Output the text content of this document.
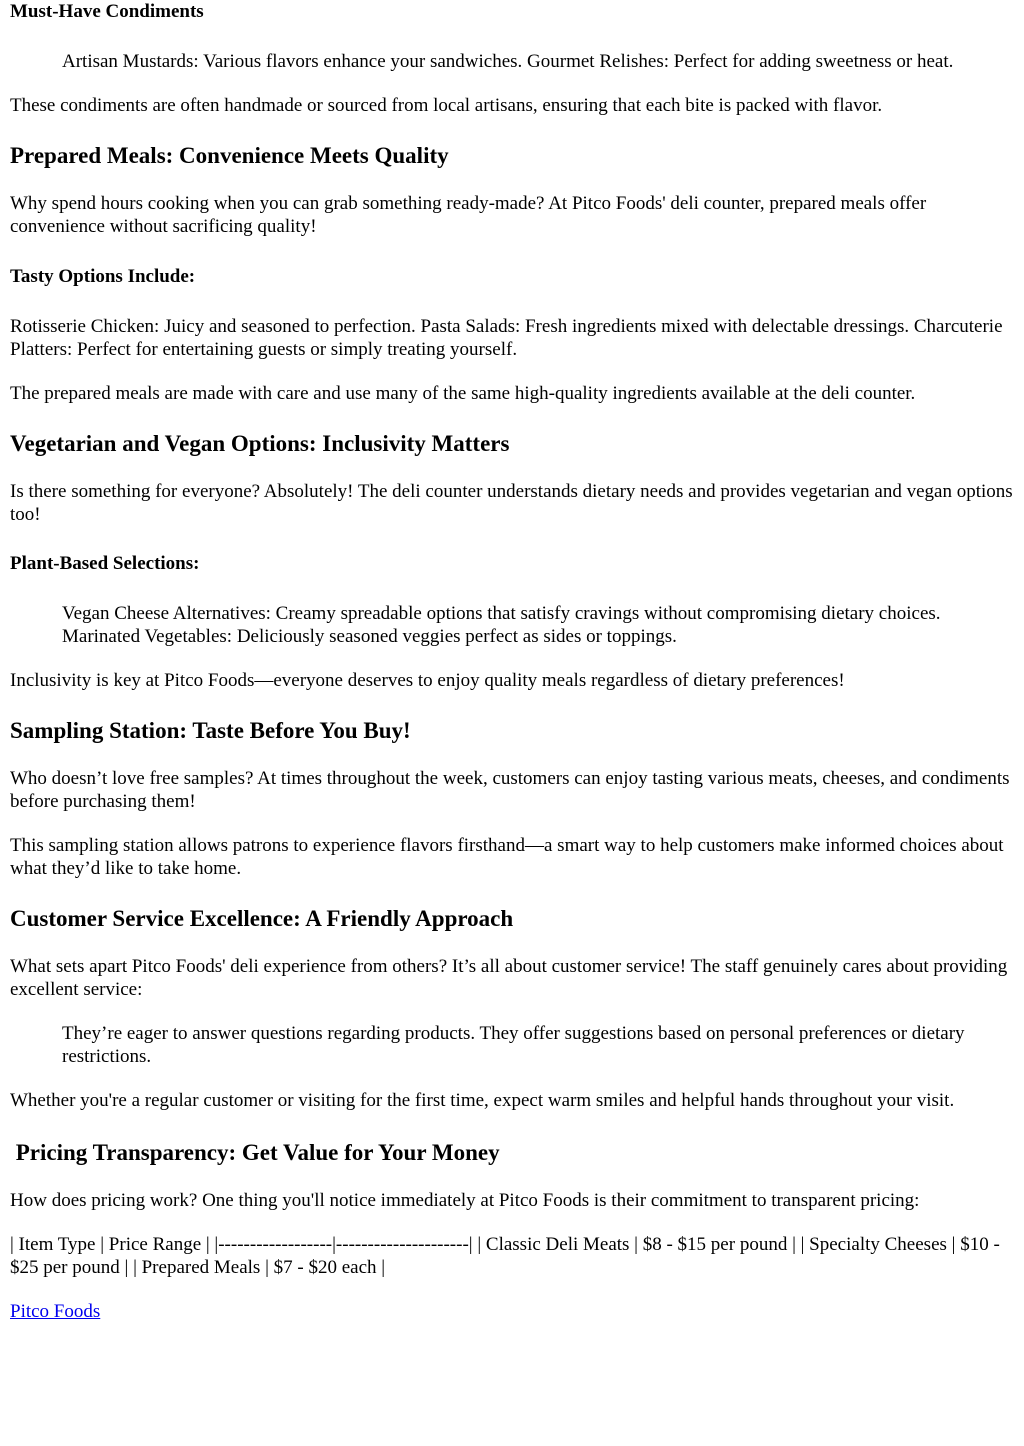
Must-Have Condiments
Artisan Mustards: Various flavors enhance your sandwiches. Gourmet Relishes: Perfect for adding sweetness or heat.

These condiments are often handmade or sourced from local artisans, ensuring that each bite is packed with flavor.

Prepared Meals: Convenience Meets Quality

Why spend hours cooking when you can grab something ready-made? At Pitco Foods' deli counter, prepared meals offer convenience without sacrificing quality!

Tasty Options Include:

Rotisserie Chicken: Juicy and seasoned to perfection. Pasta Salads: Fresh ingredients mixed with delectable dressings. Charcuterie Platters: Perfect for entertaining guests or simply treating yourself.

The prepared meals are made with care and use many of the same high-quality ingredients available at the deli counter.

Vegetarian and Vegan Options: Inclusivity Matters

Is there something for everyone? Absolutely! The deli counter understands dietary needs and provides vegetarian and vegan options too!

Plant-Based Selections:
Vegan Cheese Alternatives: Creamy spreadable options that satisfy cravings without compromising dietary choices. Marinated Vegetables: Deliciously seasoned veggies perfect as sides or toppings.

Inclusivity is key at Pitco Foods—everyone deserves to enjoy quality meals regardless of dietary preferences!

Sampling Station: Taste Before You Buy!

Who doesn’t love free samples? At times throughout the week, customers can enjoy tasting various meats, cheeses, and condiments before purchasing them!

This sampling station allows patrons to experience flavors firsthand—a smart way to help customers make informed choices about what they’d like to take home.

Customer Service Excellence: A Friendly Approach

What sets apart Pitco Foods' deli experience from others? It’s all about customer service! The staff genuinely cares about providing excellent service:

They’re eager to answer questions regarding products. They offer suggestions based on personal preferences or dietary restrictions.

Whether you're a regular customer or visiting for the first time, expect warm smiles and helpful hands throughout your visit.

Pricing Transparency: Get Value for Your Money

How does pricing work? One thing you'll notice immediately at Pitco Foods is their commitment to transparent pricing:

| Item Type | Price Range | |------------------|---------------------| | Classic Deli Meats | $8 - $15 per pound | | Specialty Cheeses | $10 - $25 per pound | | Prepared Meals | $7 - $20 each |

Pitco Foods
